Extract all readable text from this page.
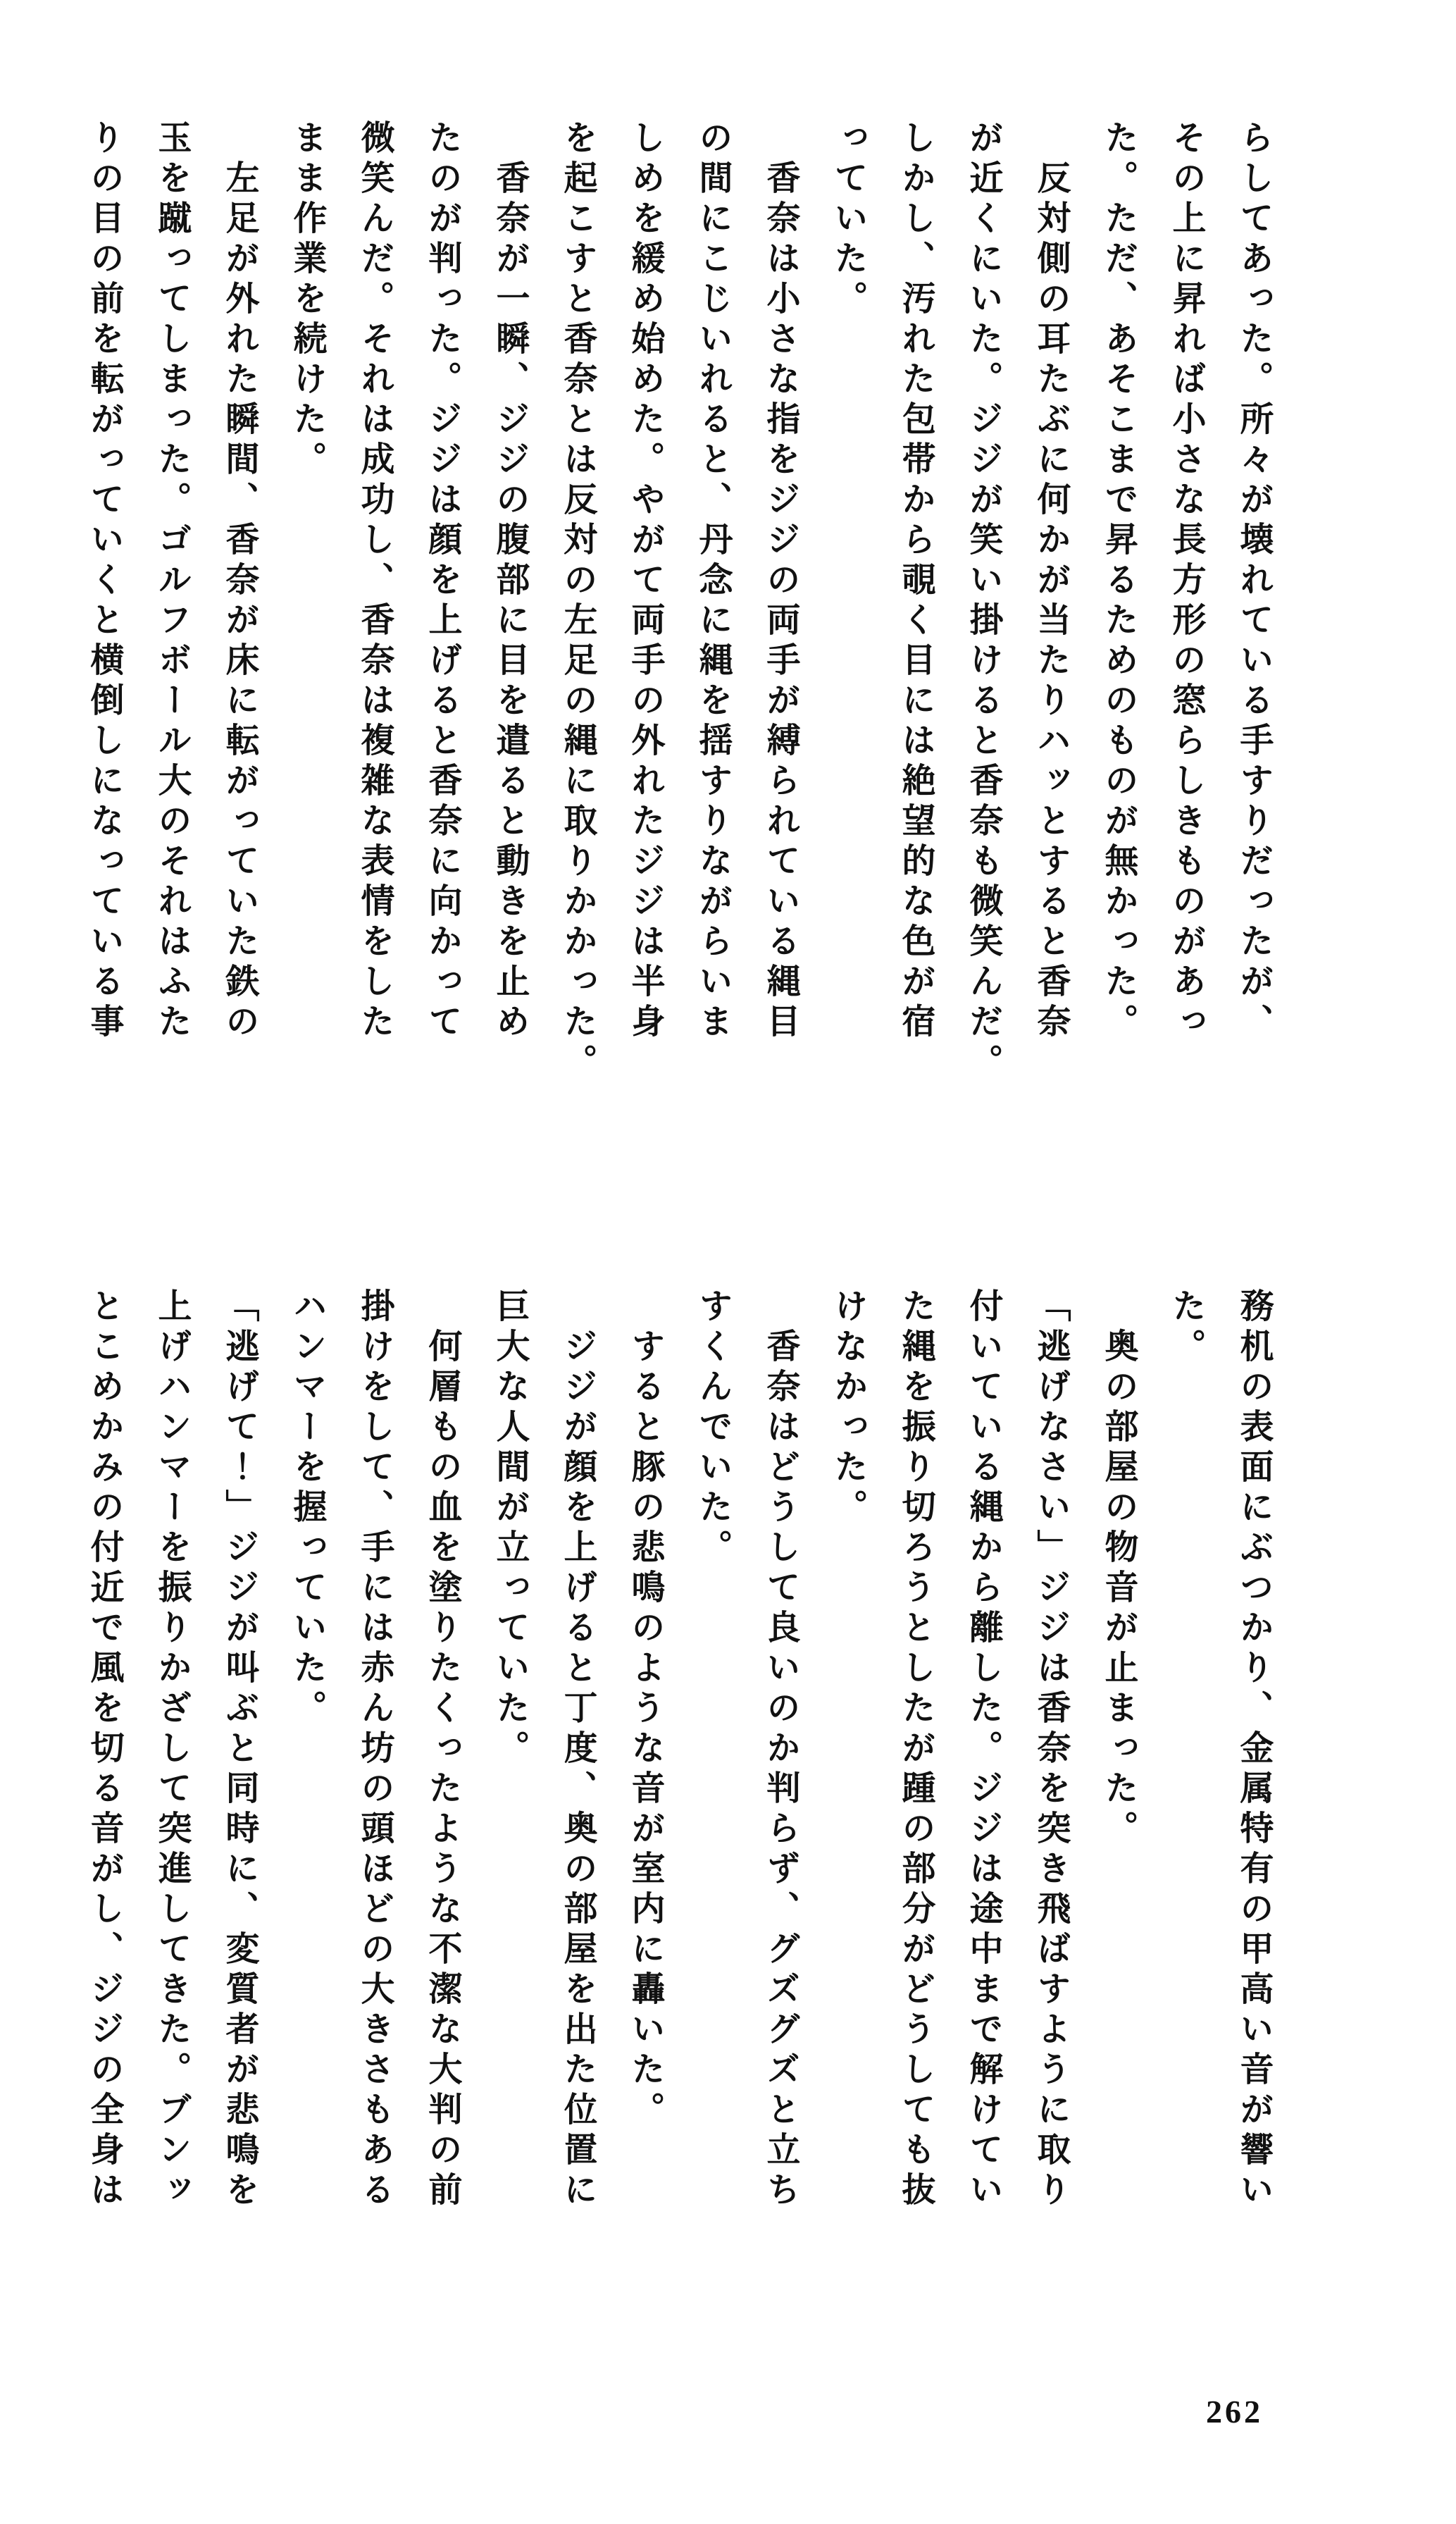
らしてあった。所々が壊れている手すりだったが、
その上に昇れば小さな長方形の窓らしきものがあっ
た。ただ、あそこまで昇るためのものが無かった。
　反対側の耳たぶに何かが当たりハッとすると香奈
が近くにいた。ジジが笑い掛けると香奈も微笑んだ。
しかし、汚れた包帯から覗く目には絶望的な色が宿
っていた。
　香奈は小さな指をジジの両手が縛られている縄目
の間にこじいれると、丹念に縄を揺すりながらいま
しめを緩め始めた。やがて両手の外れたジジは半身
を起こすと香奈とは反対の左足の縄に取りかかった。
　香奈が一瞬、ジジの腹部に目を遣ると動きを止め
たのが判った。ジジは顔を上げると香奈に向かって
微笑んだ。それは成功し、香奈は複雑な表情をした
まま作業を続けた。
　左足が外れた瞬間、香奈が床に転がっていた鉄の
玉を蹴ってしまった。ゴルフボール大のそれはふた
りの目の前を転がっていくと横倒しになっている事
務机の表面にぶつかり、金属特有の甲高い音が響い
た。
　奥の部屋の物音が止まった。
「逃げなさい」ジジは香奈を突き飛ばすように取り
付いている縄から離した。ジジは途中まで解けてい
た縄を振り切ろうとしたが踵の部分がどうしても抜
けなかった。
　香奈はどうして良いのか判らず、グズグズと立ち
すくんでいた。
　すると豚の悲鳴のような音が室内に轟いた。
　ジジが顔を上げると丁度、奥の部屋を出た位置に
巨大な人間が立っていた。
　何層もの血を塗りたくったような不潔な大判の前
掛けをして、手には赤ん坊の頭ほどの大きさもある
ハンマーを握っていた。
「逃げて！」ジジが叫ぶと同時に、変質者が悲鳴を
上げハンマーを振りかざして突進してきた。ブンッ
とこめかみの付近で風を切る音がし、ジジの全身は
262
